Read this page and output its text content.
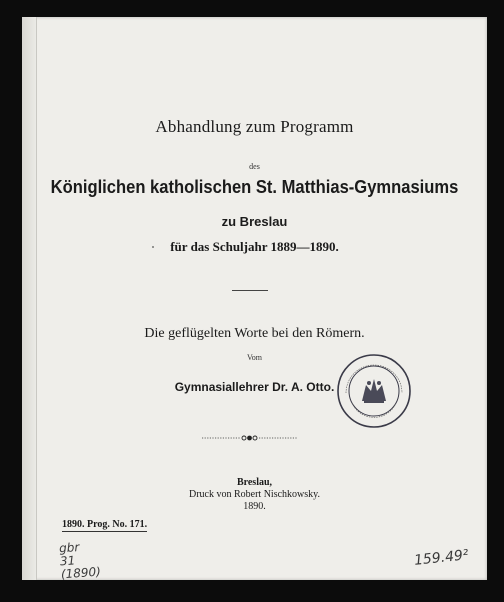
Abhandlung zum Programm
des
Königlichen katholischen St. Matthias-Gymnasiums
zu Breslau
für das Schuljahr 1889—1890.
Die geflügelten Worte bei den Römern.
Vom
Gymnasiallehrer Dr. A. Otto.
Breslau,
Druck von Robert Nischkowsky.
1890.
1890. Prog. No. 171.
gbr
31
(1890)
159.49²
